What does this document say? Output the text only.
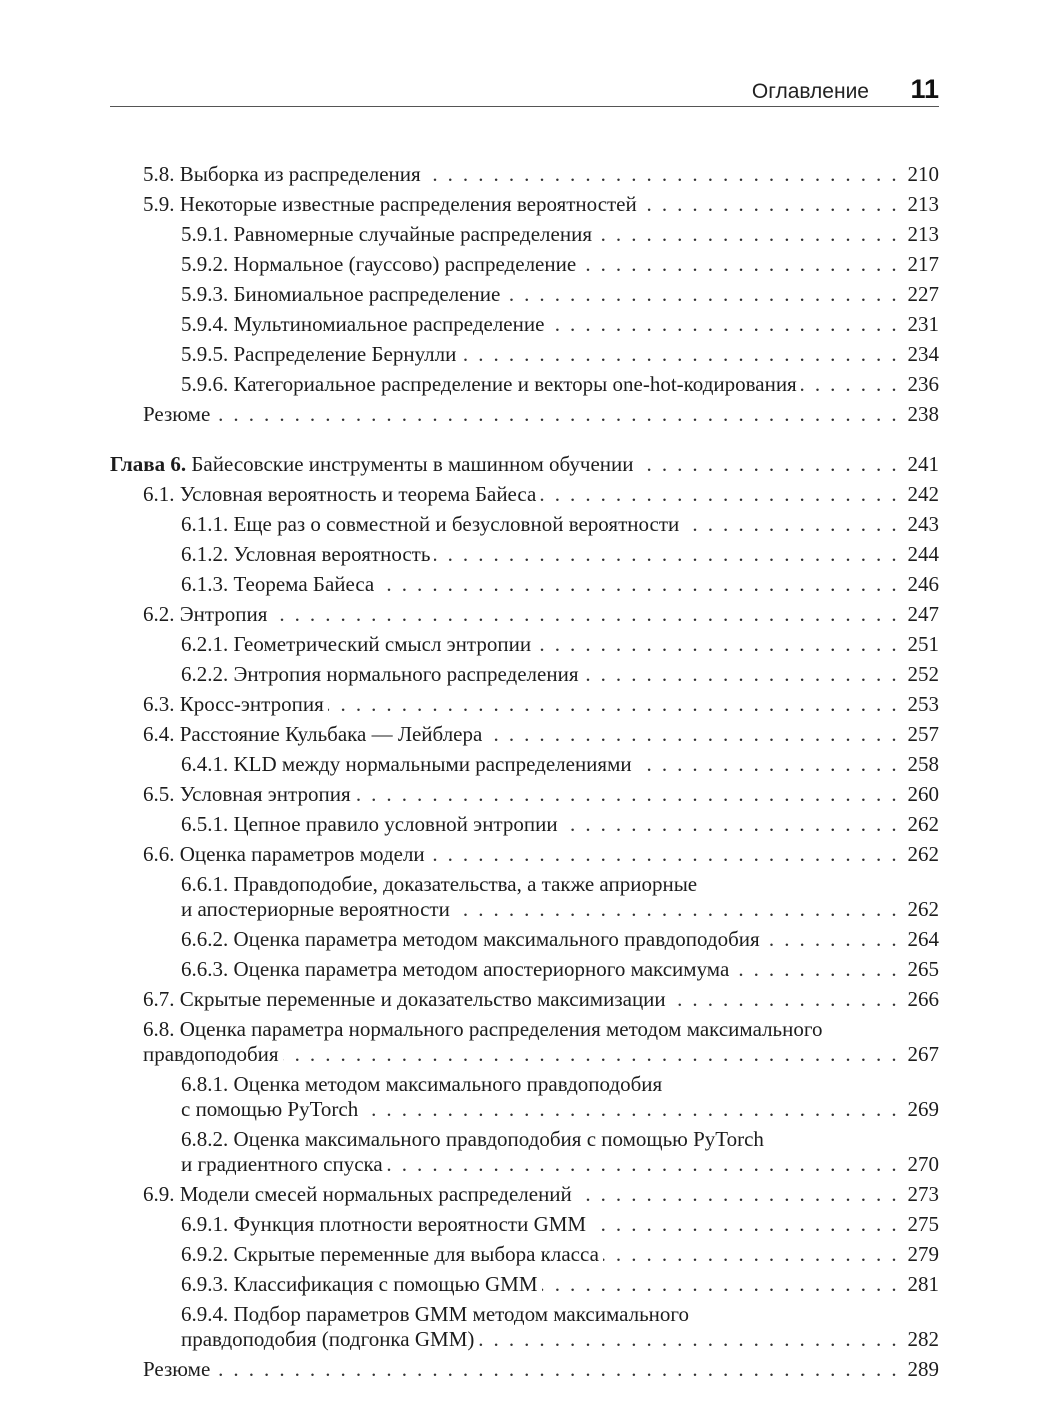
Оглавление 11
5.8. Выборка из распределения . . .	210
5.9. Некоторые известные распределения вероятностей . . .	213
5.9.1. Равномерные случайные распределения . . .	213
5.9.2. Нормальное (гауссово) распределение . . .	217
5.9.3. Биномиальное распределение . . .	227
5.9.4. Мультиномиальное распределение . . .	231
5.9.5. Распределение Бернулли . . .	234
5.9.6. Категориальное распределение и векторы one-hot-кодирования . . .	236
Резюме . . .	238
Глава 6. Байесовские инструменты в машинном обучении . . .	241
6.1. Условная вероятность и теорема Байеса . . .	242
6.1.1. Еще раз о совместной и безусловной вероятности . . .	243
6.1.2. Условная вероятность . . .	244
6.1.3. Теорема Байеса . . .	246
6.2. Энтропия . . .	247
6.2.1. Геометрический смысл энтропии . . .	251
6.2.2. Энтропия нормального распределения . . .	252
6.3. Кросс-энтропия . . .	253
6.4. Расстояние Кульбака — Лейблера . . .	257
6.4.1. KLD между нормальными распределениями . . .	258
6.5. Условная энтропия . . .	260
6.5.1. Цепное правило условной энтропии . . .	262
6.6. Оценка параметров модели . . .	262
6.6.1. Правдоподобие, доказательства, а также априорные
и апостериорные вероятности . . .	262
6.6.2. Оценка параметра методом максимального правдоподобия . . .	264
6.6.3. Оценка параметра методом апостериорного максимума . . .	265
6.7. Скрытые переменные и доказательство максимизации . . .	266
6.8. Оценка параметра нормального распределения методом максимального
правдоподобия . . .	267
6.8.1. Оценка методом максимального правдоподобия
с помощью PyTorch . . .	269
6.8.2. Оценка максимального правдоподобия с помощью PyTorch
и градиентного спуска . . .	270
6.9. Модели смесей нормальных распределений . . .	273
6.9.1. Функция плотности вероятности GMM . . .	275
6.9.2. Скрытые переменные для выбора класса . . .	279
6.9.3. Классификация с помощью GMM . . .	281
6.9.4. Подбор параметров GMM методом максимального
правдоподобия (подгонка GMM) . . .	282
Резюме . . .	289
